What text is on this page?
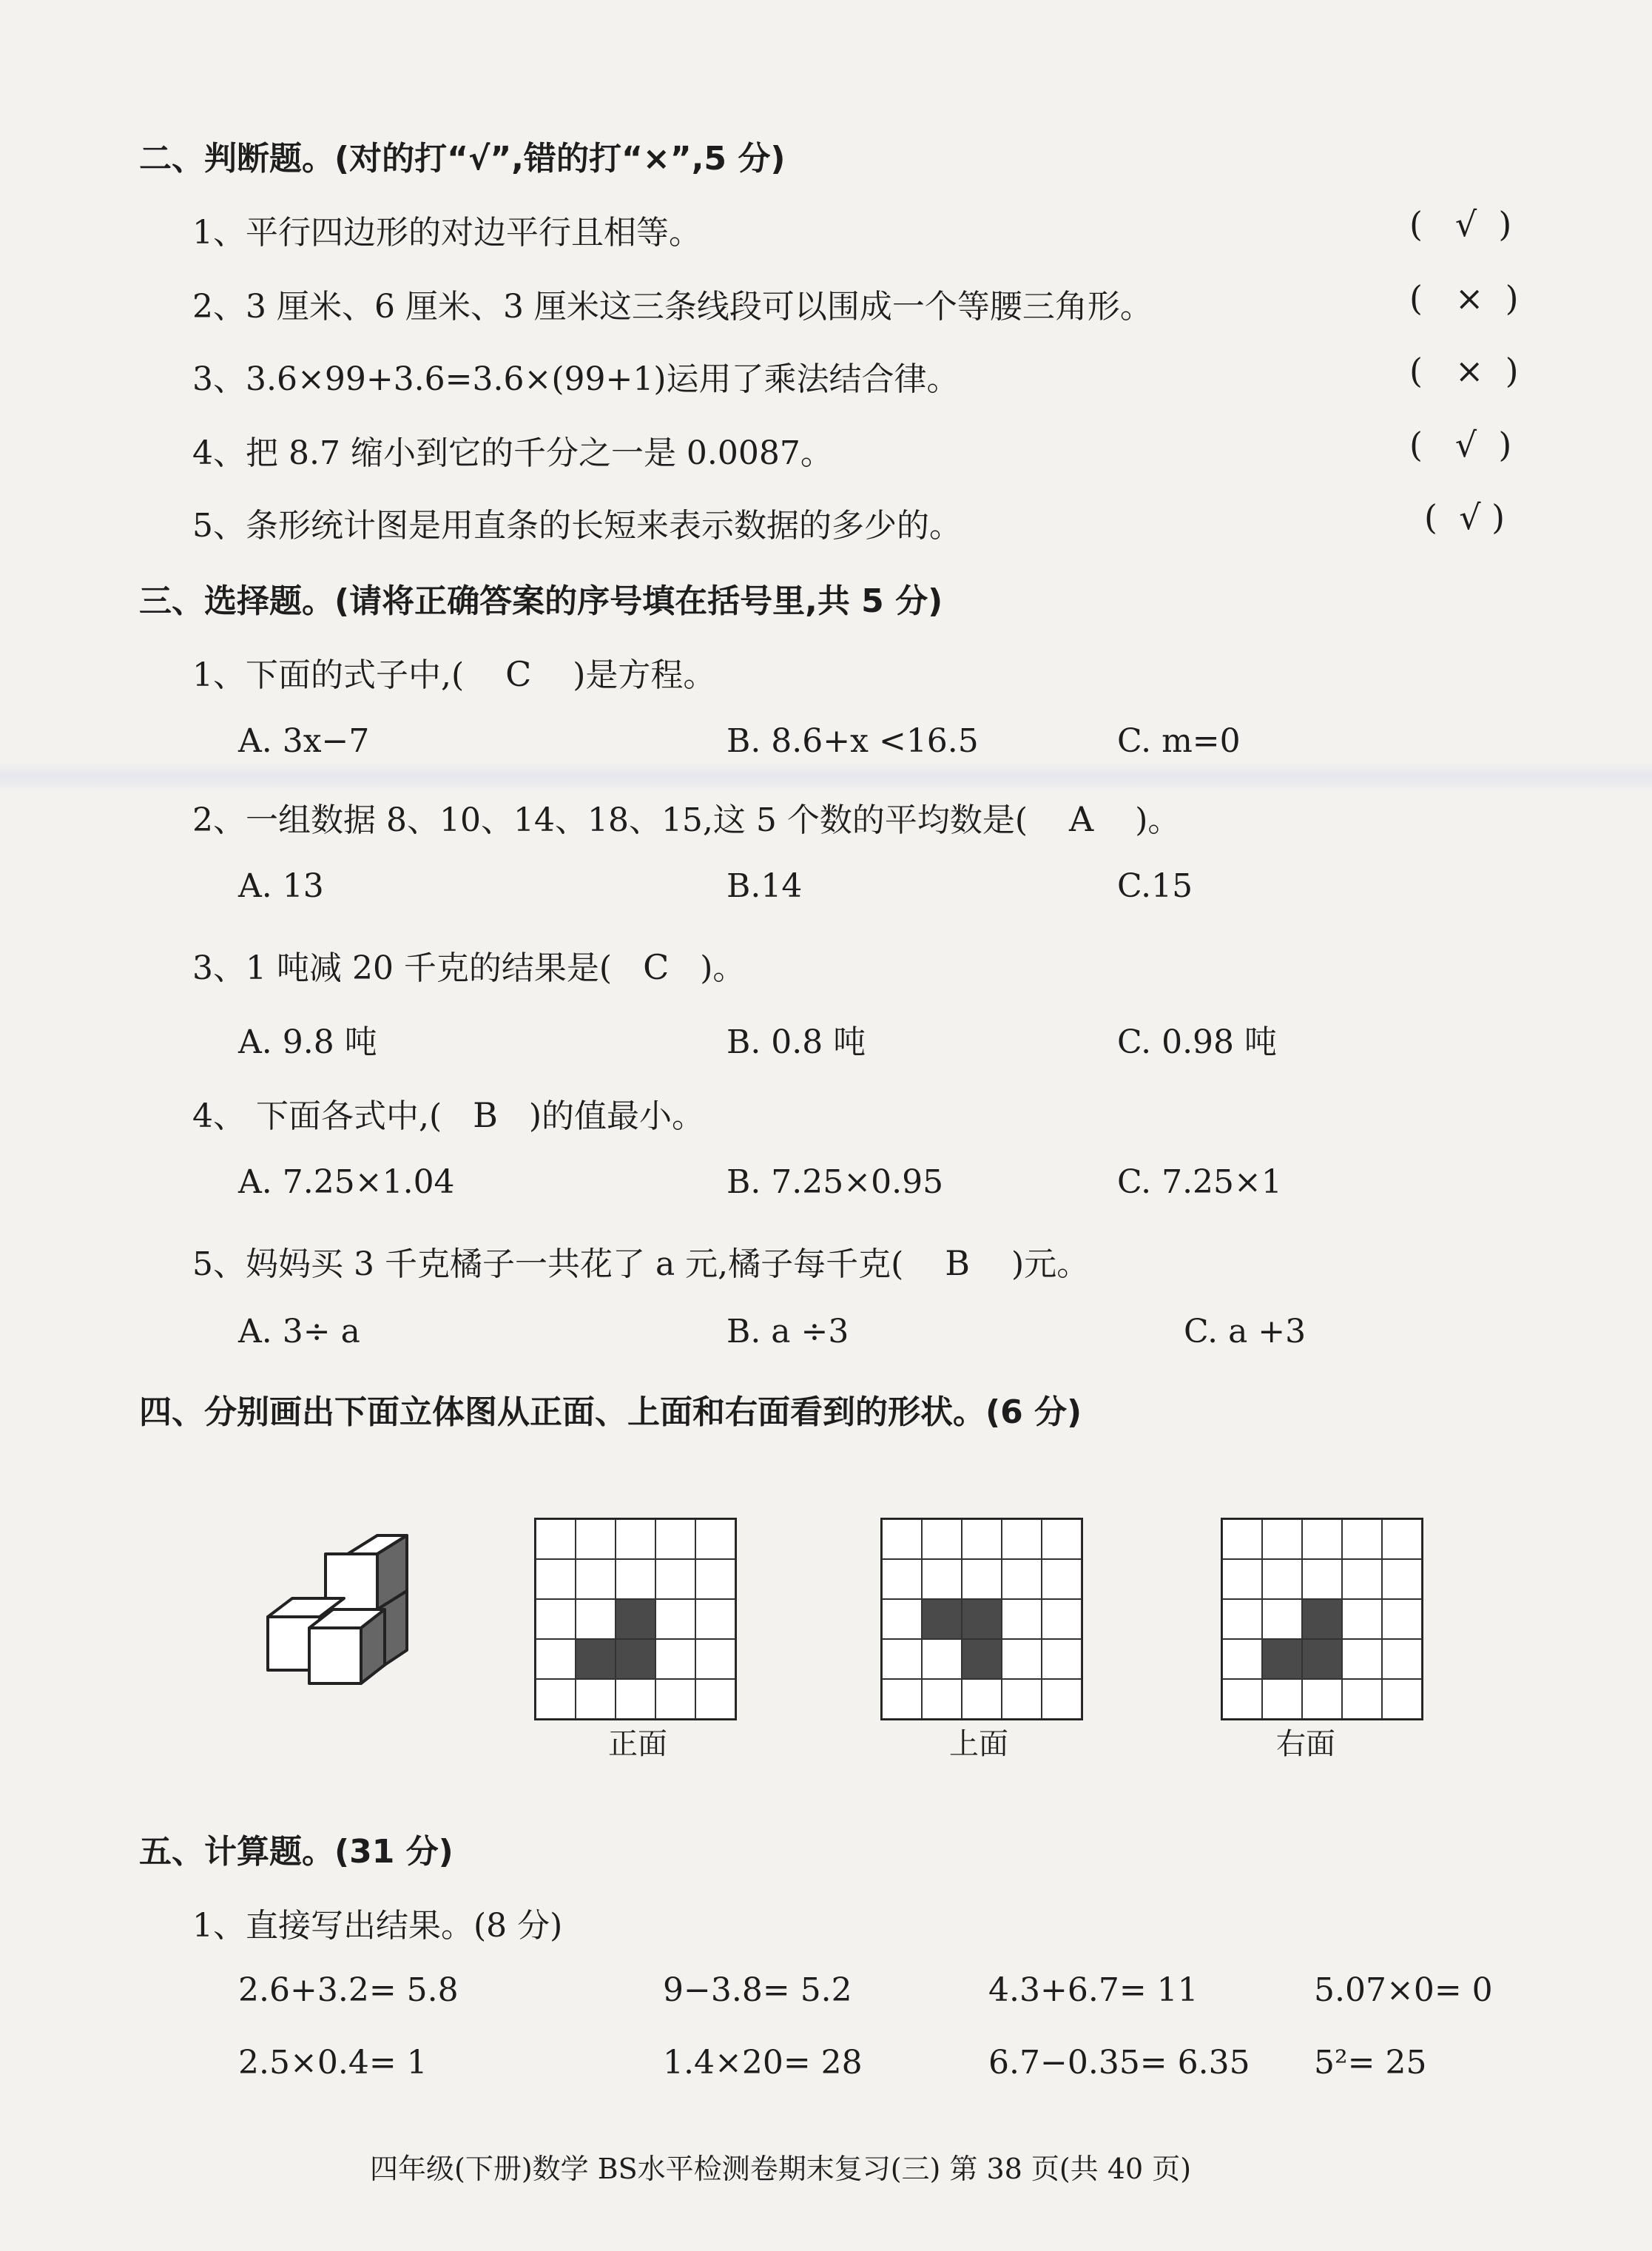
二、判断题。(对的打“√”,错的打“×”,5 分)
1、平行四边形的对边平行且相等。	(   √  )
2、3 厘米、6 厘米、3 厘米这三条线段可以围成一个等腰三角形。	(   ×  )
3、3.6×99+3.6=3.6×(99+1)运用了乘法结合律。	(   ×  )
4、把 8.7 缩小到它的千分之一是 0.0087。	(   √  )
5、条形统计图是用直条的长短来表示数据的多少的。	(  √ )
三、选择题。(请将正确答案的序号填在括号里,共 5 分)
1、下面的式子中,( C )是方程。
A. 3x−7	B. 8.6+x <16.5	C. m=0
2、一组数据 8、10、14、18、15,这 5 个数的平均数是( A )。
A. 13	B.14	C.15
3、1 吨减 20 千克的结果是( C )。
A. 9.8 吨	B. 0.8 吨	C. 0.98 吨
4、 下面各式中,( B )的值最小。
A. 7.25×1.04	B. 7.25×0.95	C. 7.25×1
5、妈妈买 3 千克橘子一共花了 a 元,橘子每千克( B )元。
A. 3÷ a	B. a ÷3	C. a +3
四、分别画出下面立体图从正面、上面和右面看到的形状。(6 分)
正面	上面	右面
五、计算题。(31 分)
1、直接写出结果。(8 分)
2.6+3.2= 5.8	9−3.8= 5.2	4.3+6.7= 11	5.07×0= 0
2.5×0.4= 1	1.4×20= 28	6.7−0.35= 6.35 5²= 25
四年级(下册)数学 BS水平检测卷期末复习(三) 第 38 页(共 40 页)
